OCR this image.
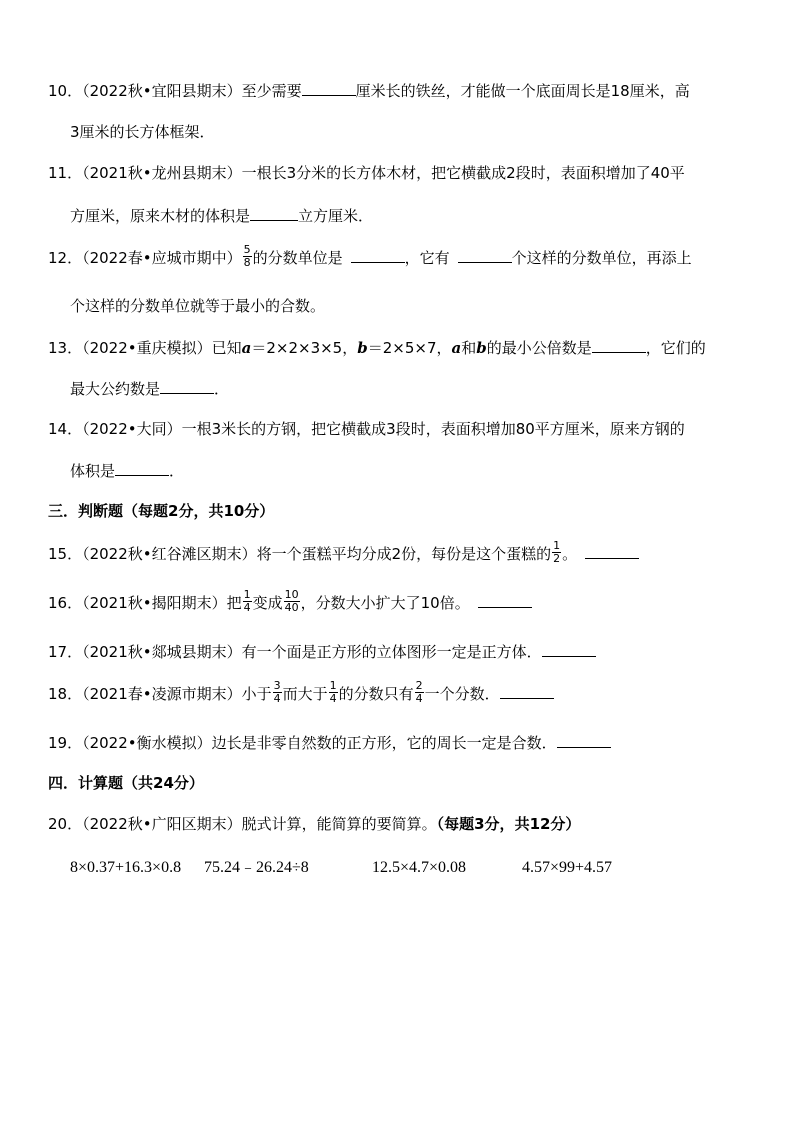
10．（2022秋•宜阳县期末）至少需要	厘米长的铁丝，才能做一个底面周长是18厘米，高
3厘米的长方体框架．
11．（2021秋•龙州县期末）一根长3分米的长方体木材，把它横截成2段时，表面积增加了40平
方厘米，原来木材的体积是	立方厘米．
12．（2022春•应城市期中） $\frac{5}{8}$ 的分数单位是	，它有	个这样的分数单位，再添上
个这样的分数单位就等于最小的合数。
13．（2022•重庆模拟）已知a＝2×2×3×5，b＝2×5×7，a和b的最小公倍数是	，它们的
最大公约数是	．
14．（2022•大同）一根3米长的方钢，把它横截成3段时，表面积增加80平方厘米，原来方钢的
体积是	．
三．判断题（每题2分，共10分）
15．（2022秋•红谷滩区期末）将一个蛋糕平均分成2份，每份是这个蛋糕的 $\frac{1}{2}$ 。
16．（2021秋•揭阳期末）把 $\frac{1}{4}$ 变成 $\frac{10}{40}$ ，分数大小扩大了10倍。
17．（2021秋•郯城县期末）有一个面是正方形的立体图形一定是正方体．
18．（2021春•凌源市期末）小于 $\frac{3}{4}$ 而大于 $\frac{1}{4}$ 的分数只有 $\frac{2}{4}$ 一个分数．
19．（2022•衡水模拟）边长是非零自然数的正方形，它的周长一定是合数．
四．计算题（共24分）
20．（2022秋•广阳区期末）脱式计算，能简算的要简算。（每题3分，共12分）
8×0.37+16.3×0.8 75.24﹣26.24÷8	12.5×4.7×0.08	4.57×99+4.57
